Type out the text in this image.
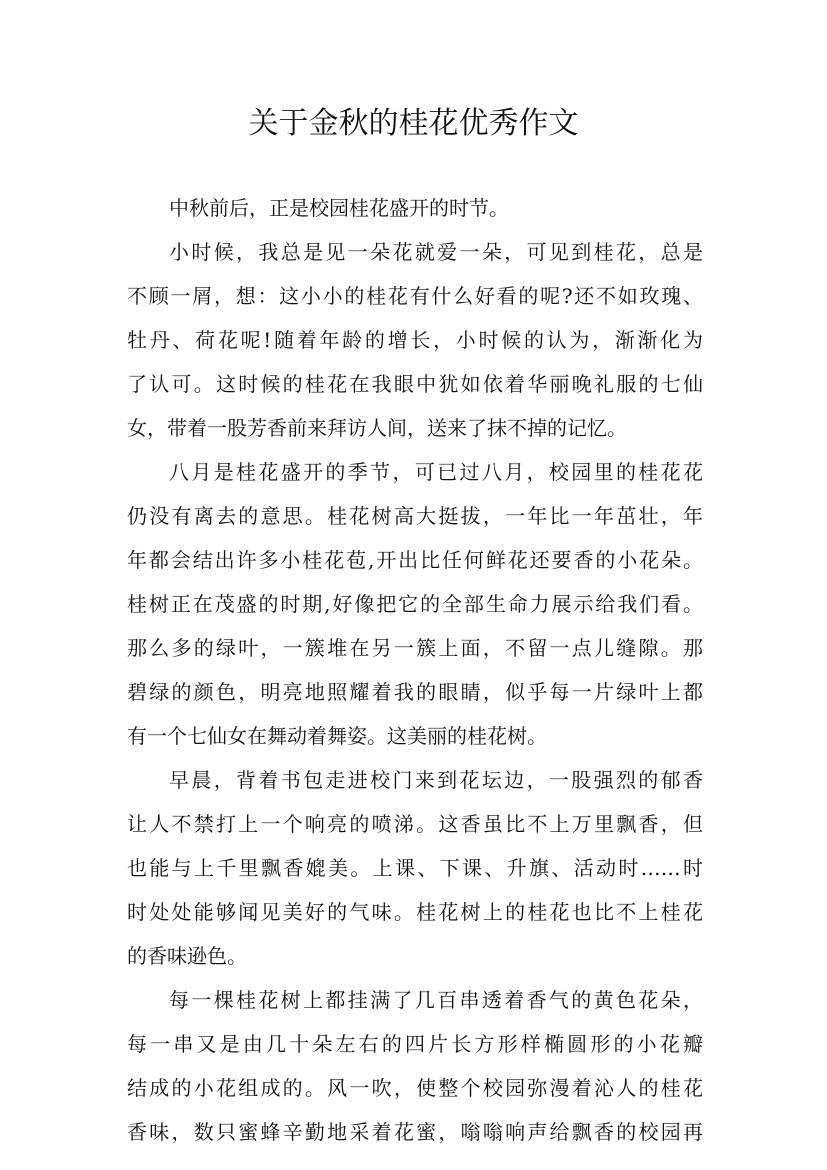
关于金秋的桂花优秀作文
中秋前后，正是校园桂花盛开的时节。
小时候，我总是见一朵花就爱一朵，可见到桂花，总是
不顾一屑，想：这小小的桂花有什么好看的呢?还不如玫瑰、
牡丹、荷花呢!随着年龄的增长，小时候的认为，渐渐化为
了认可。这时候的桂花在我眼中犹如依着华丽晚礼服的七仙
女，带着一股芳香前来拜访人间，送来了抹不掉的记忆。
八月是桂花盛开的季节，可已过八月，校园里的桂花花
仍没有离去的意思。桂花树高大挺拔，一年比一年茁壮，年
年都会结出许多小桂花苞,开出比任何鲜花还要香的小花朵。
桂树正在茂盛的时期,好像把它的全部生命力展示给我们看。
那么多的绿叶，一簇堆在另一簇上面，不留一点儿缝隙。那
碧绿的颜色，明亮地照耀着我的眼睛，似乎每一片绿叶上都
有一个七仙女在舞动着舞姿。这美丽的桂花树。
早晨，背着书包走进校门来到花坛边，一股强烈的郁香
让人不禁打上一个响亮的喷涕。这香虽比不上万里飘香，但
也能与上千里飘香媲美。上课、下课、升旗、活动时……时
时处处能够闻见美好的气味。桂花树上的桂花也比不上桂花
的香味逊色。
每一棵桂花树上都挂满了几百串透着香气的黄色花朵，
每一串又是由几十朵左右的四片长方形样椭圆形的小花瓣
结成的小花组成的。风一吹，使整个校园弥漫着沁人的桂花
香味，数只蜜蜂辛勤地采着花蜜，嗡嗡响声给飘香的校园再
